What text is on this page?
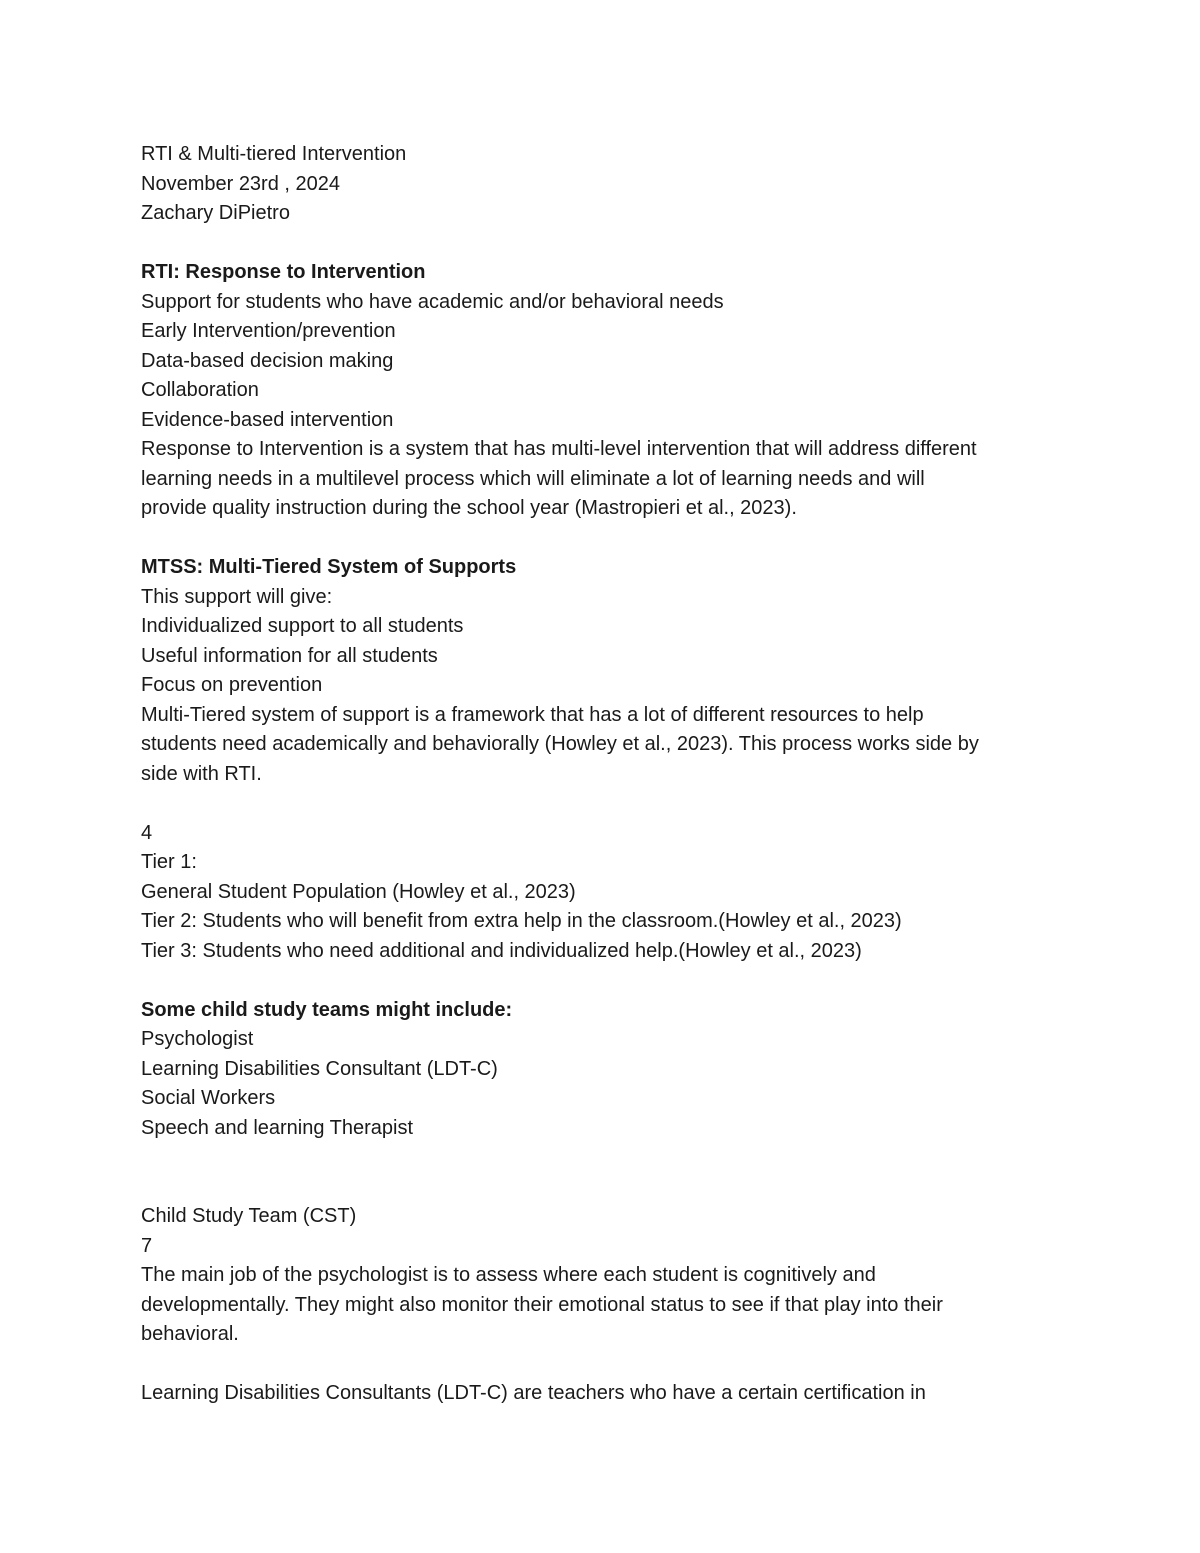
RTI & Multi-tiered Intervention
November 23rd , 2024
Zachary DiPietro
RTI: Response to Intervention
Support for students who have academic and/or behavioral needs
Early Intervention/prevention
Data-based decision making
Collaboration
Evidence-based intervention
Response to Intervention is a system that has multi-level intervention that will address different
learning needs in a multilevel process which will eliminate a lot of learning needs and will
provide quality instruction during the school year (Mastropieri et al., 2023).
MTSS: Multi-Tiered System of Supports
This support will give:
Individualized support to all students
Useful information for all students
Focus on prevention
Multi-Tiered system of support is a framework that has a lot of different resources to help
students need academically and behaviorally (Howley et al., 2023). This process works side by
side with RTI.
4
Tier 1:
General Student Population (Howley et al., 2023)
Tier 2: Students who will benefit from extra help in the classroom.(Howley et al., 2023)
Tier 3: Students who need additional and individualized help.(Howley et al., 2023)
Some child study teams might include:
Psychologist
Learning Disabilities Consultant (LDT-C)
Social Workers
Speech and learning Therapist
Child Study Team (CST)
7
The main job of the psychologist is to assess where each student is cognitively and
developmentally. They might also monitor their emotional status to see if that play into their
behavioral.
Learning Disabilities Consultants (LDT-C) are teachers who have a certain certification in
